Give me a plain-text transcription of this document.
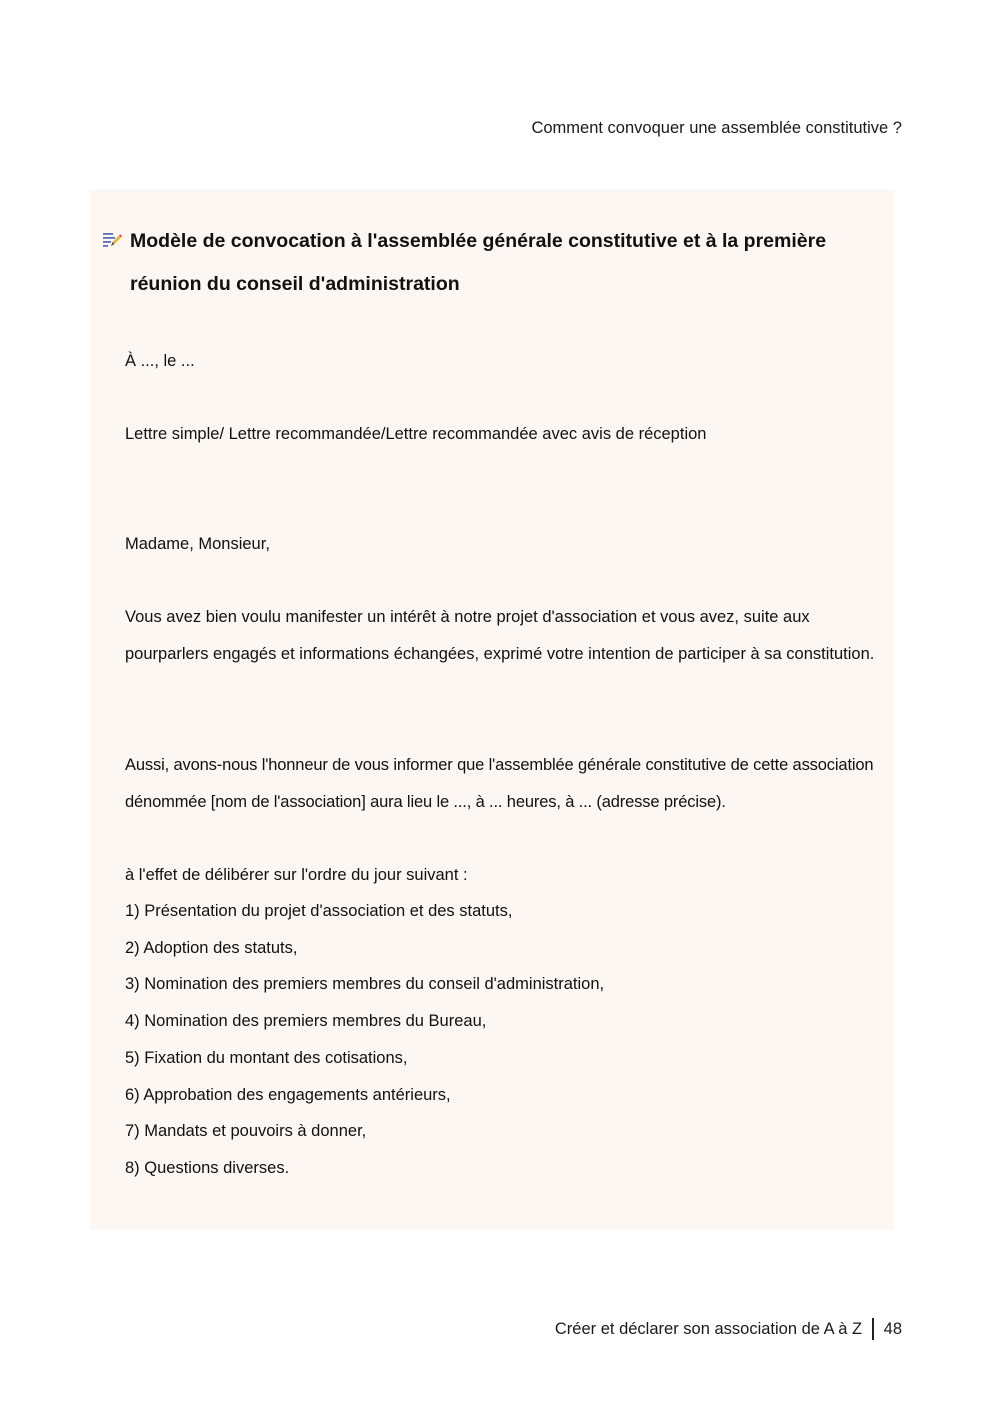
Comment convoquer une assemblée constitutive ?
Modèle de convocation à l'assemblée générale constitutive et à la première réunion du conseil d'administration

À ..., le ...

Lettre simple/ Lettre recommandée/Lettre recommandée avec avis de réception

Madame, Monsieur,

Vous avez bien voulu manifester un intérêt à notre projet d'association et vous avez, suite aux pourparlers engagés et informations échangées, exprimé votre intention de participer à sa constitution.

Aussi, avons-nous l'honneur de vous informer que l'assemblée générale constitutive de cette association dénommée [nom de l'association] aura lieu le ..., à ... heures, à ... (adresse précise).

à l'effet de délibérer sur l'ordre du jour suivant :

1) Présentation du projet d'association et des statuts,
2) Adoption des statuts,
3) Nomination des premiers membres du conseil d'administration,
4) Nomination des premiers membres du Bureau,
5) Fixation du montant des cotisations,
6) Approbation des engagements antérieurs,
7) Mandats et pouvoirs à donner,
8) Questions diverses.
Créer et déclarer son association de A à Z 48
